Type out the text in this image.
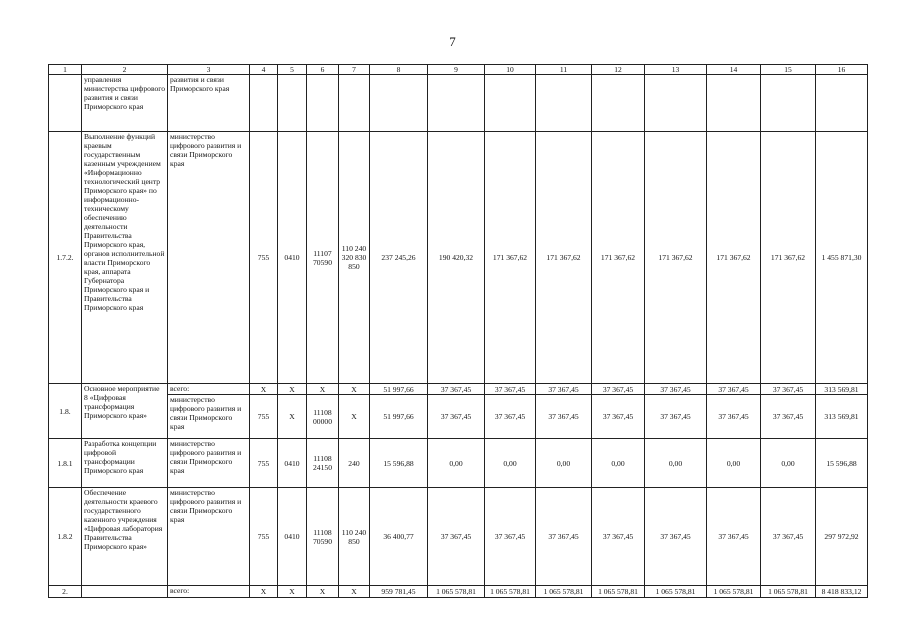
7
1	2	3	4	5	6	7	8	9	10	11	12	13	14	15	16
	управления министерства цифрового развития и связи Приморского края	развития и связи Приморского края													
1.7.2.	Выполнение функций краевым государственным казенным учреждением «Информационно технологический центр Приморского края» по информационно-техническому обеспечению деятельности Правительства Приморского края, органов исполнительной власти Приморского края, аппарата Губернатора Приморского края и Правительства Приморского края	министерство цифрового развития и связи Приморского края	755	0410	11107 70590	110 240 320 830 850	237 245,26	190 420,32	171 367,62	171 367,62	171 367,62	171 367,62	171 367,62	171 367,62	1 455 871,30
1.8.	Основное мероприятие 8 «Цифровая трансформация Приморского края»	всего:	X	X	X	X	51 997,66	37 367,45	37 367,45	37 367,45	37 367,45	37 367,45	37 367,45	37 367,45	313 569,81
		министерство цифрового развития и связи Приморского края	755	X	11108 00000	X	51 997,66	37 367,45	37 367,45	37 367,45	37 367,45	37 367,45	37 367,45	37 367,45	313 569,81
1.8.1	Разработка концепции цифровой трансформации Приморского края	министерство цифрового развития и связи Приморского края	755	0410	11108 24150	240	15 596,88	0,00	0,00	0,00	0,00	0,00	0,00	0,00	15 596,88
1.8.2	Обеспечение деятельности краевого государственного казенного учреждения «Цифровая лаборатория Правительства Приморского края»	министерство цифрового развития и связи Приморского края	755	0410	11108 70590	110 240 850	36 400,77	37 367,45	37 367,45	37 367,45	37 367,45	37 367,45	37 367,45	37 367,45	297 972,92
2.		всего:	X	X	X	X	959 781,45	1 065 578,81	1 065 578,81	1 065 578,81	1 065 578,81	1 065 578,81	1 065 578,81	1 065 578,81	8 418 833,12
